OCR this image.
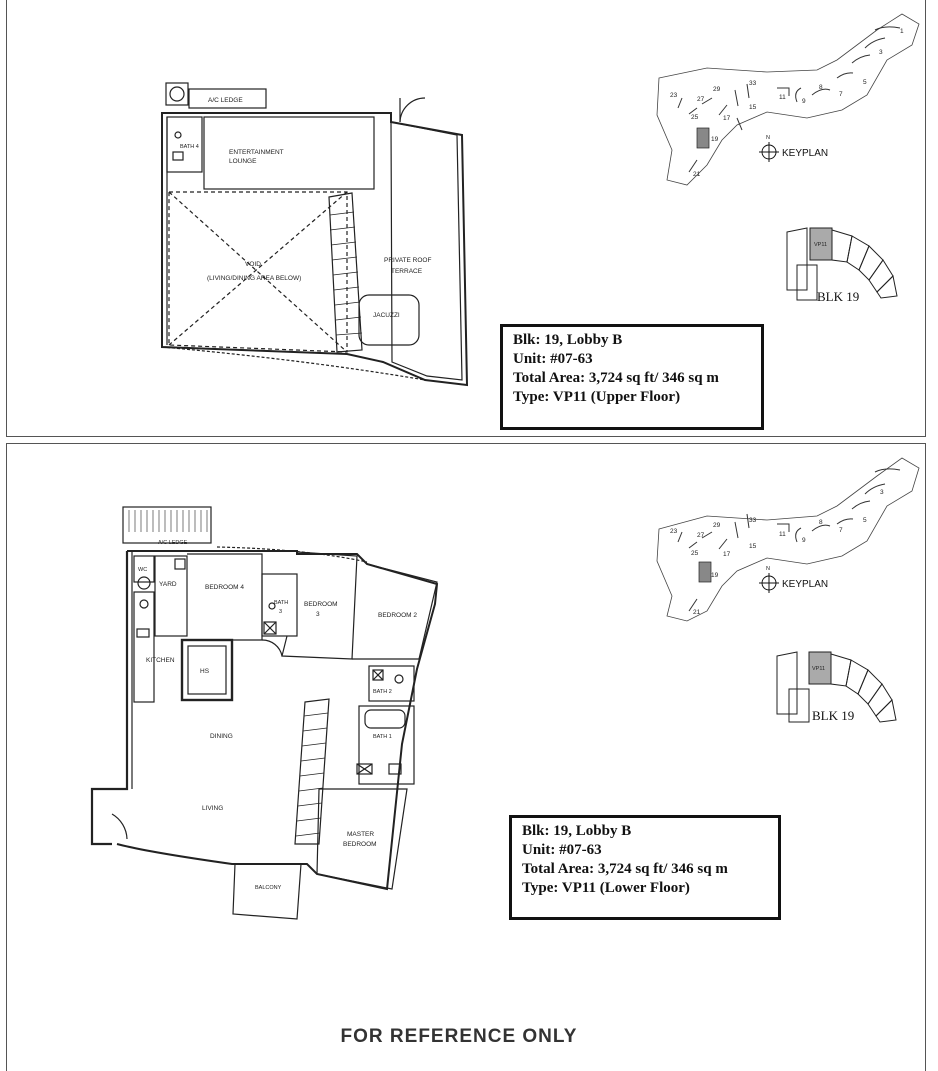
A/C LEDGE
BATH 4
ENTERTAINMENT
LOUNGE
VOID
(LIVING/DINING AREA BELOW)
PRIVATE ROOF
TERRACE
JACUZZI
1
3
5
7
8
9
11
15
17
19
21
23
25
27
29
33
N
KEYPLAN
VP11
BLK 19
Blk: 19, Lobby B
Unit: #07-63
Total Area: 3,724 sq ft/ 346 sq m
Type: VP11 (Upper Floor)
A/C LEDGE
WC
YARD
KITCHEN
HS
BEDROOM 4
BATH
3
BEDROOM
3	BEDROOM 2
BATH 2
BATH 1
DINING
LIVING
MASTER
BEDROOM
BALCONY
3
5
7
8
9
11
15
17
19
21
23
25
27
29
33
N
KEYPLAN
VP11
BLK 19
Blk: 19, Lobby B
Unit: #07-63
Total Area: 3,724 sq ft/ 346 sq m
Type: VP11 (Lower Floor)
FOR REFERENCE ONLY
